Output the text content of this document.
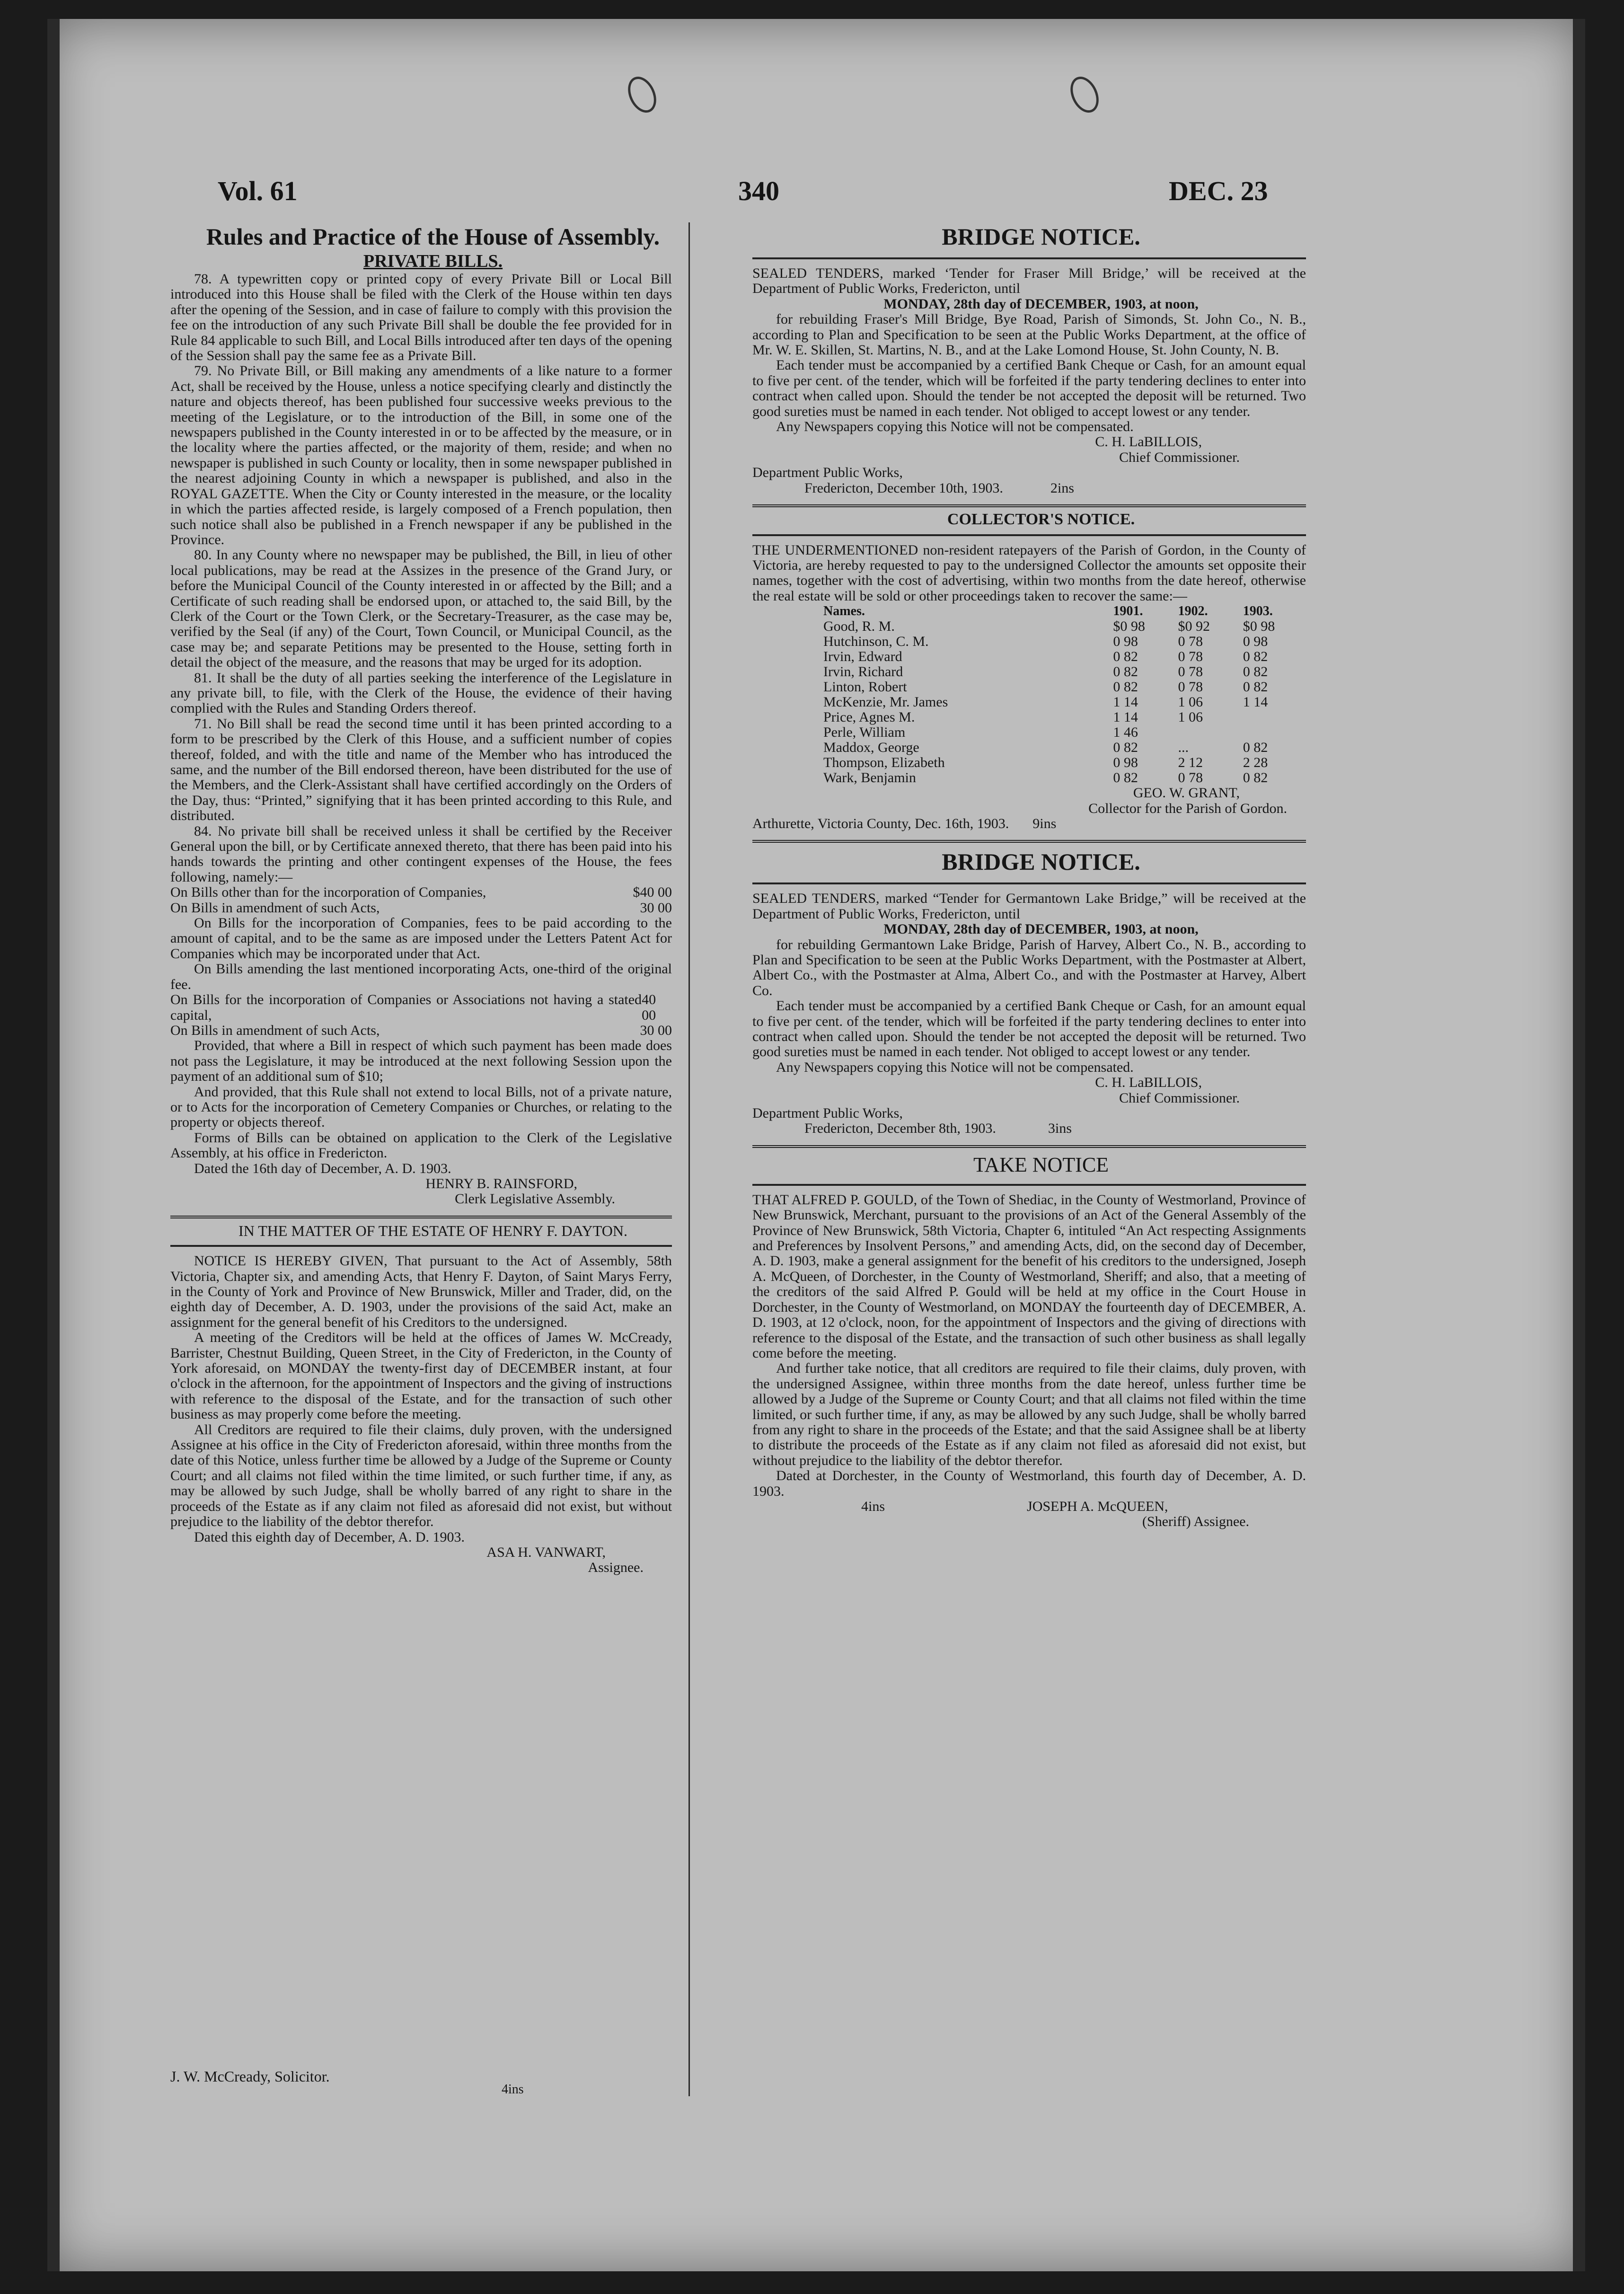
Vol. 61	340	DEC. 23

Rules and Practice of the House of Assembly.

PRIVATE BILLS.

78. A typewritten copy or printed copy of every Private Bill or Local Bill introduced into this House shall be filed with the Clerk of the House within ten days after the opening of the Session, and in case of failure to comply with this provision the fee on the introduction of any such Private Bill shall be double the fee provided for in Rule 84 applicable to such Bill, and Local Bills introduced after ten days of the opening of the Session shall pay the same fee as a Private Bill.

79. No Private Bill, or Bill making any amendments of a like nature to a former Act, shall be received by the House, unless a notice specifying clearly and distinctly the nature and objects thereof, has been published four successive weeks previous to the meeting of the Legislature, or to the introduction of the Bill, in some one of the newspapers published in the County interested in or to be affected by the measure, or in the locality where the parties affected, or the majority of them, reside; and when no newspaper is published in such County or locality, then in some newspaper published in the nearest adjoining County in which a newspaper is published, and also in the ROYAL GAZETTE. When the City or County interested in the measure, or the locality in which the parties affected reside, is largely composed of a French population, then such notice shall also be published in a French newspaper if any be published in the Province.

80. In any County where no newspaper may be published, the Bill, in lieu of other local publications, may be read at the Assizes in the presence of the Grand Jury, or before the Municipal Council of the County interested in or affected by the Bill; and a Certificate of such reading shall be endorsed upon, or attached to, the said Bill, by the Clerk of the Court or the Town Clerk, or the Secretary-Treasurer, as the case may be, verified by the Seal (if any) of the Court, Town Council, or Municipal Council, as the case may be; and separate Petitions may be presented to the House, setting forth in detail the object of the measure, and the reasons that may be urged for its adoption.

81. It shall be the duty of all parties seeking the interference of the Legislature in any private bill, to file, with the Clerk of the House, the evidence of their having complied with the Rules and Standing Orders thereof.

71. No Bill shall be read the second time until it has been printed according to a form to be prescribed by the Clerk of this House, and a sufficient number of copies thereof, folded, and with the title and name of the Member who has introduced the same, and the number of the Bill endorsed thereon, have been distributed for the use of the Members, and the Clerk-Assistant shall have certified accordingly on the Orders of the Day, thus: “Printed,” signifying that it has been printed according to this Rule, and distributed.

84. No private bill shall be received unless it shall be certified by the Receiver General upon the bill, or by Certificate annexed thereto, that there has been paid into his hands towards the printing and other contingent expenses of the House, the fees following, namely:—

On Bills other than for the incorporation of Companies,	$40 00
On Bills in amendment of such Acts,	30 00

On Bills for the incorporation of Companies, fees to be paid according to the amount of capital, and to be the same as are imposed under the Letters Patent Act for Companies which may be incorporated under that Act.

On Bills amending the last mentioned incorporating Acts, one-third of the original fee.

On Bills for the incorporation of Companies or Associations not having a stated capital,
40 00
On Bills in amendment of such Acts,	30 00

Provided, that where a Bill in respect of which such payment has been made does not pass the Legislature, it may be introduced at the next following Session upon the payment of an additional sum of $10;

And provided, that this Rule shall not extend to local Bills, not of a private nature, or to Acts for the incorporation of Cemetery Companies or Churches, or relating to the property or objects thereof.

Forms of Bills can be obtained on application to the Clerk of the Legislative Assembly, at his office in Fredericton.

Dated the 16th day of December, A. D. 1903.

HENRY B. RAINSFORD,

Clerk Legislative Assembly.

IN THE MATTER OF THE ESTATE OF HENRY F. DAYTON.

NOTICE IS HEREBY GIVEN, That pursuant to the Act of Assembly, 58th Victoria, Chapter six, and amending Acts, that Henry F. Dayton, of Saint Marys Ferry, in the County of York and Province of New Brunswick, Miller and Trader, did, on the eighth day of December, A. D. 1903, under the provisions of the said Act, make an assignment for the general benefit of his Creditors to the undersigned.

A meeting of the Creditors will be held at the offices of James W. McCready, Barrister, Chestnut Building, Queen Street, in the City of Fredericton, in the County of York aforesaid, on MONDAY the twenty-first day of DECEMBER instant, at four o'clock in the afternoon, for the appointment of Inspectors and the giving of instructions with reference to the disposal of the Estate, and for the transaction of such other business as may properly come before the meeting.

All Creditors are required to file their claims, duly proven, with the undersigned Assignee at his office in the City of Fredericton aforesaid, within three months from the date of this Notice, unless further time be allowed by a Judge of the Supreme or County Court; and all claims not filed within the time limited, or such further time, if any, as may be allowed by such Judge, shall be wholly barred of any right to share in the proceeds of the Estate as if any claim not filed as aforesaid did not exist, but without prejudice to the liability of the debtor therefor.

Dated this eighth day of December, A. D. 1903.

ASA H. VANWART,

Assignee.

J. W. McCready, Solicitor.
4ins

BRIDGE NOTICE.

SEALED TENDERS, marked ‘Tender for Fraser Mill Bridge,’ will be received at the Department of Public Works, Fredericton, until

MONDAY, 28th day of DECEMBER, 1903, at noon,

for rebuilding Fraser's Mill Bridge, Bye Road, Parish of Simonds, St. John Co., N. B., according to Plan and Specification to be seen at the Public Works Department, at the office of Mr. W. E. Skillen, St. Martins, N. B., and at the Lake Lomond House, St. John County, N. B.

Each tender must be accompanied by a certified Bank Cheque or Cash, for an amount equal to five per cent. of the tender, which will be forfeited if the party tendering declines to enter into contract when called upon. Should the tender be not accepted the deposit will be returned. Two good sureties must be named in each tender. Not obliged to accept lowest or any tender.

Any Newspapers copying this Notice will not be compensated.

C. H. LaBILLOIS,

Chief Commissioner.

Department Public Works,

Fredericton, December 10th, 1903.	2ins

COLLECTOR'S NOTICE.

THE UNDERMENTIONED non-resident ratepayers of the Parish of Gordon, in the County of Victoria, are hereby requested to pay to the undersigned Collector the amounts set opposite their names, together with the cost of advertising, within two months from the date hereof, otherwise the real estate will be sold or other proceedings taken to recover the same:—

Names.	1901.	1902.	1903.
Good, R. M.	$0 98	$0 92	$0 98
Hutchinson, C. M.	0 98	0 78	0 98
Irvin, Edward	0 82	0 78	0 82
Irvin, Richard	0 82	0 78	0 82
Linton, Robert	0 82	0 78	0 82
McKenzie, Mr. James	1 14	1 06	1 14
Price, Agnes M.	1 14	1 06	
Perle, William	1 46		
Maddox, George	0 82	...	0 82
Thompson, Elizabeth	0 98	2 12	2 28
Wark, Benjamin	0 82	0 78	0 82

GEO. W. GRANT,

Collector for the Parish of Gordon.

Arthurette, Victoria County, Dec. 16th, 1903. 9ins

BRIDGE NOTICE.

SEALED TENDERS, marked “Tender for Germantown Lake Bridge,” will be received at the Department of Public Works, Fredericton, until

MONDAY, 28th day of DECEMBER, 1903, at noon,

for rebuilding Germantown Lake Bridge, Parish of Harvey, Albert Co., N. B., according to Plan and Specification to be seen at the Public Works Department, with the Postmaster at Albert, Albert Co., with the Postmaster at Alma, Albert Co., and with the Postmaster at Harvey, Albert Co.

Each tender must be accompanied by a certified Bank Cheque or Cash, for an amount equal to five per cent. of the tender, which will be forfeited if the party tendering declines to enter into contract when called upon. Should the tender be not accepted the deposit will be returned. Two good sureties must be named in each tender. Not obliged to accept lowest or any tender.

Any Newspapers copying this Notice will not be compensated.

C. H. LaBILLOIS,

Chief Commissioner.

Department Public Works,

Fredericton, December 8th, 1903.	3ins

TAKE NOTICE

THAT ALFRED P. GOULD, of the Town of Shediac, in the County of Westmorland, Province of New Brunswick, Merchant, pursuant to the provisions of an Act of the General Assembly of the Province of New Brunswick, 58th Victoria, Chapter 6, intituled “An Act respecting Assignments and Preferences by Insolvent Persons,” and amending Acts, did, on the second day of December, A. D. 1903, make a general assignment for the benefit of his creditors to the undersigned, Joseph A. McQueen, of Dorchester, in the County of Westmorland, Sheriff; and also, that a meeting of the creditors of the said Alfred P. Gould will be held at my office in the Court House in Dorchester, in the County of Westmorland, on MONDAY the fourteenth day of DECEMBER, A. D. 1903, at 12 o'clock, noon, for the appointment of Inspectors and the giving of directions with reference to the disposal of the Estate, and the transaction of such other business as shall legally come before the meeting.

And further take notice, that all creditors are required to file their claims, duly proven, with the undersigned Assignee, within three months from the date hereof, unless further time be allowed by a Judge of the Supreme or County Court; and that all claims not filed within the time limited, or such further time, if any, as may be allowed by any such Judge, shall be wholly barred from any right to share in the proceeds of the Estate; and that the said Assignee shall be at liberty to distribute the proceeds of the Estate as if any claim not filed as aforesaid did not exist, but without prejudice to the liability of the debtor therefor.

Dated at Dorchester, in the County of Westmorland, this fourth day of December, A. D. 1903.

4ins	JOSEPH A. McQUEEN,

(Sheriff) Assignee.
